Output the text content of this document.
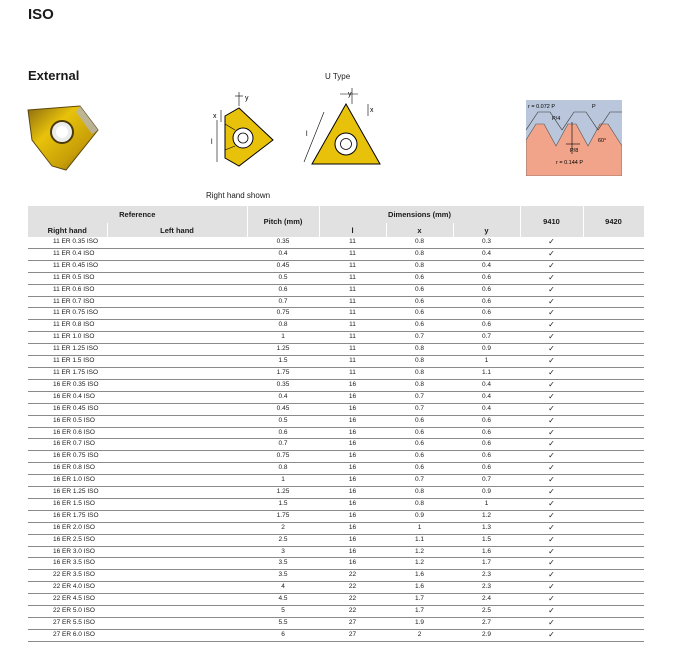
ISO
External	U Type
Right hand shown
y
x
l
y
x
l
r = 0.072 P	P
P/4
P/8
60°
r = 0.144 P
Reference		Pitch (mm)	Dimensions (mm)			9410	9420
Right hand	Left hand		l	x	y		
11 ER 0.35 ISO		0.35	11	0.8	0.3	✓	
11 ER 0.4 ISO		0.4	11	0.8	0.4	✓	
11 ER 0.45 ISO		0.45	11	0.8	0.4	✓	
11 ER 0.5 ISO		0.5	11	0.6	0.6	✓	
11 ER 0.6 ISO		0.6	11	0.6	0.6	✓	
11 ER 0.7 ISO		0.7	11	0.6	0.6	✓	
11 ER 0.75 ISO		0.75	11	0.6	0.6	✓	
11 ER 0.8 ISO		0.8	11	0.6	0.6	✓	
11 ER 1.0 ISO		1	11	0.7	0.7	✓	
11 ER 1.25 ISO		1.25	11	0.8	0.9	✓	
11 ER 1.5 ISO		1.5	11	0.8	1	✓	
11 ER 1.75 ISO		1.75	11	0.8	1.1	✓	
16 ER 0.35 ISO		0.35	16	0.8	0.4	✓	
16 ER 0.4 ISO		0.4	16	0.7	0.4	✓	
16 ER 0.45 ISO		0.45	16	0.7	0.4	✓	
16 ER 0.5 ISO		0.5	16	0.6	0.6	✓	
16 ER 0.6 ISO		0.6	16	0.6	0.6	✓	
16 ER 0.7 ISO		0.7	16	0.6	0.6	✓	
16 ER 0.75 ISO		0.75	16	0.6	0.6	✓	
16 ER 0.8 ISO		0.8	16	0.6	0.6	✓	
16 ER 1.0 ISO		1	16	0.7	0.7	✓	
16 ER 1.25 ISO		1.25	16	0.8	0.9	✓	
16 ER 1.5 ISO		1.5	16	0.8	1	✓	
16 ER 1.75 ISO		1.75	16	0.9	1.2	✓	
16 ER 2.0 ISO		2	16	1	1.3	✓	
16 ER 2.5 ISO		2.5	16	1.1	1.5	✓	
16 ER 3.0 ISO		3	16	1.2	1.6	✓	
16 ER 3.5 ISO		3.5	16	1.2	1.7	✓	
22 ER 3.5 ISO		3.5	22	1.6	2.3	✓	
22 ER 4.0 ISO		4	22	1.6	2.3	✓	
22 ER 4.5 ISO		4.5	22	1.7	2.4	✓	
22 ER 5.0 ISO		5	22	1.7	2.5	✓	
27 ER 5.5 ISO		5.5	27	1.9	2.7	✓	
27 ER 6.0 ISO		6	27	2	2.9	✓	
